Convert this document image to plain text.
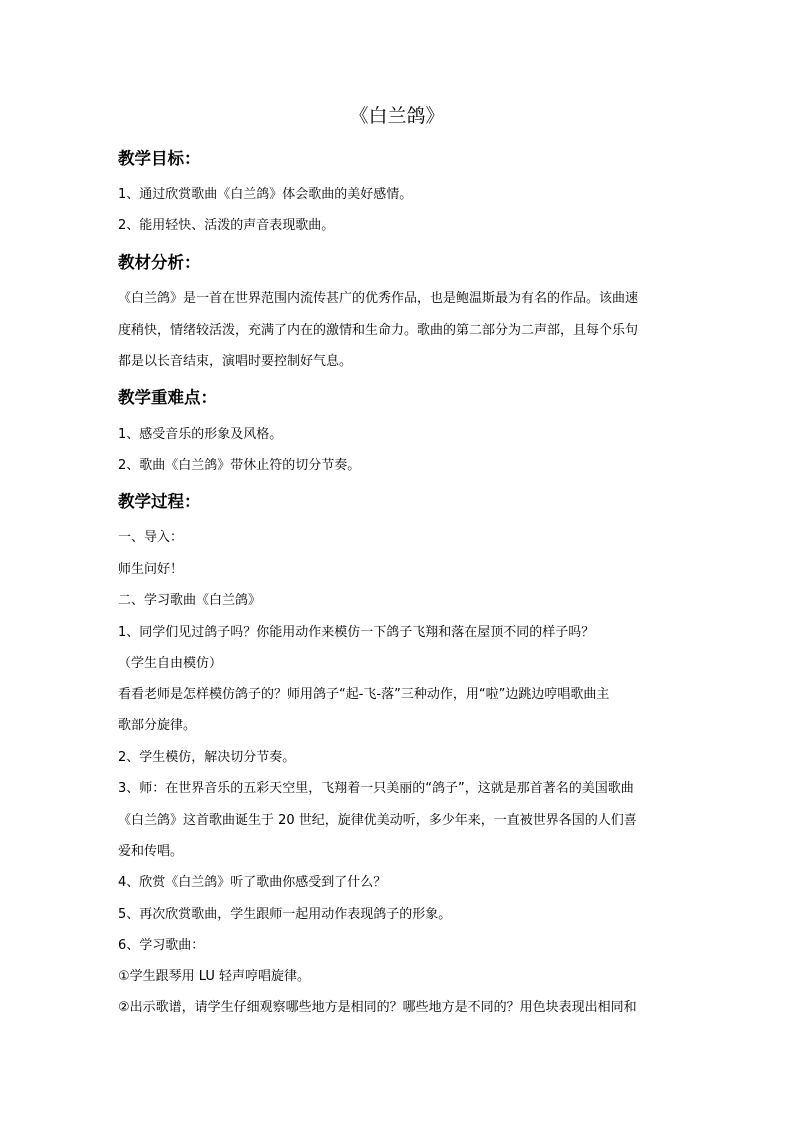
《白兰鸽》
教学目标：
1、通过欣赏歌曲《白兰鸽》体会歌曲的美好感情。
2、能用轻快、活泼的声音表现歌曲。
教材分析：
《白兰鸽》是一首在世界范围内流传甚广的优秀作品，也是鲍温斯最为有名的作品。该曲速
度稍快，情绪较活泼，充满了内在的激情和生命力。歌曲的第二部分为二声部，且每个乐句
都是以长音结束，演唱时要控制好气息。
教学重难点：
1、感受音乐的形象及风格。
2、歌曲《白兰鸽》带休止符的切分节奏。
教学过程：
一、导入：
师生问好！
二、学习歌曲《白兰鸽》
1、同学们见过鸽子吗？你能用动作来模仿一下鸽子飞翔和落在屋顶不同的样子吗？
（学生自由模仿）
看看老师是怎样模仿鸽子的？师用鸽子“起-飞-落”三种动作，用“啦”边跳边哼唱歌曲主
歌部分旋律。
2、学生模仿，解决切分节奏。
3、师：在世界音乐的五彩天空里，飞翔着一只美丽的“鸽子”，这就是那首著名的美国歌曲
《白兰鸽》这首歌曲诞生于 20 世纪，旋律优美动听，多少年来，一直被世界各国的人们喜
爱和传唱。
4、欣赏《白兰鸽》听了歌曲你感受到了什么？
5、再次欣赏歌曲，学生跟师一起用动作表现鸽子的形象。
6、学习歌曲：
①学生跟琴用 LU 轻声哼唱旋律。
②出示歌谱，请学生仔细观察哪些地方是相同的？哪些地方是不同的？用色块表现出相同和
